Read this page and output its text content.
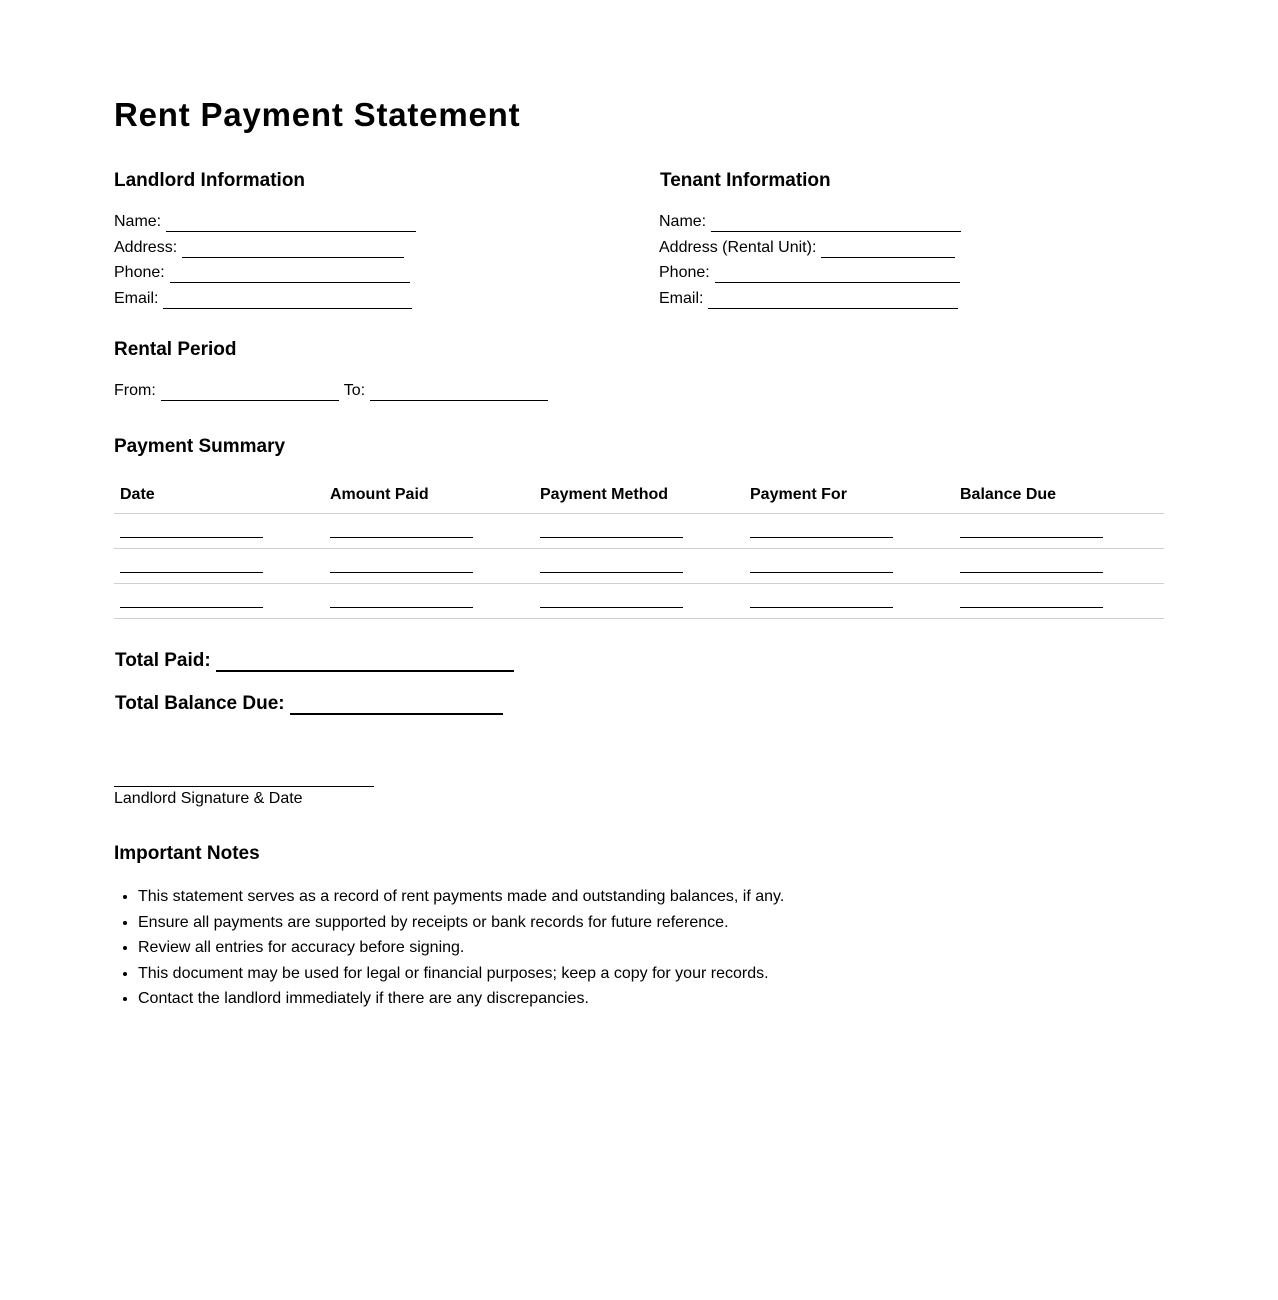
Rent Payment Statement
Landlord Information
Name:
Address:
Phone:
Email:
Tenant Information
Name:
Address (Rental Unit):
Phone:
Email:
Rental Period
From:	To:
Payment Summary
Date	Amount Paid	Payment Method	Payment For	Balance Due
Total Paid:
Total Balance Due:
Landlord Signature & Date
Important Notes
• This statement serves as a record of rent payments made and outstanding balances, if any.
• Ensure all payments are supported by receipts or bank records for future reference.
• Review all entries for accuracy before signing.
• This document may be used for legal or financial purposes; keep a copy for your records.
• Contact the landlord immediately if there are any discrepancies.
